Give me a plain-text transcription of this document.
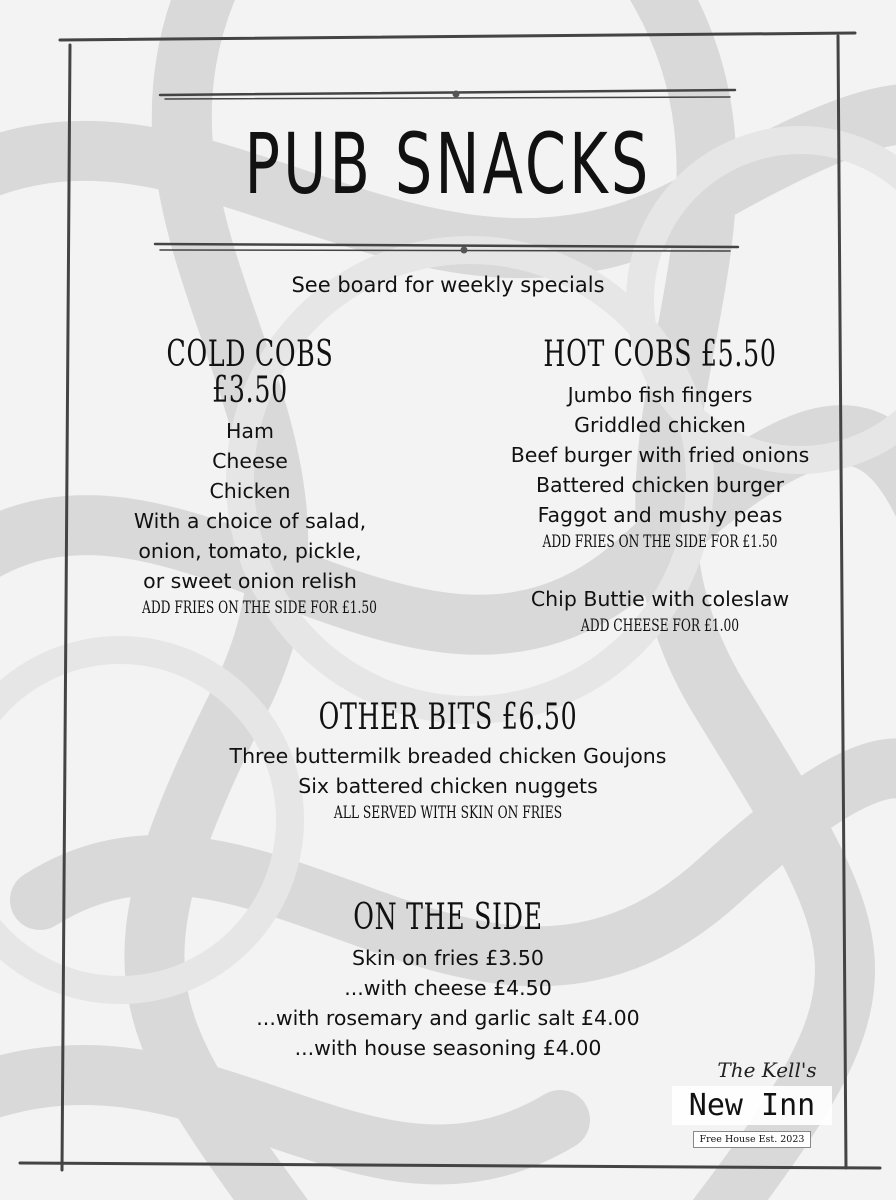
PUB SNACKS
See board for weekly specials
COLD COBS £3.50
Ham
Cheese
Chicken
With a choice of salad,
onion, tomato, pickle,
or sweet onion relish
ADD FRIES ON THE SIDE FOR £1.50
HOT COBS £5.50
Jumbo fish fingers
Griddled chicken
Beef burger with fried onions
Battered chicken burger
Faggot and mushy peas
ADD FRIES ON THE SIDE FOR £1.50
Chip Buttie with coleslaw
ADD CHEESE FOR £1.00
OTHER BITS £6.50
Three buttermilk breaded chicken Goujons
Six battered chicken nuggets
ALL SERVED WITH SKIN ON FRIES
ON THE SIDE
Skin on fries £3.50
...with cheese £4.50
...with rosemary and garlic salt £4.00
...with house seasoning £4.00
The Kell's
New Inn
Free House Est. 2023
